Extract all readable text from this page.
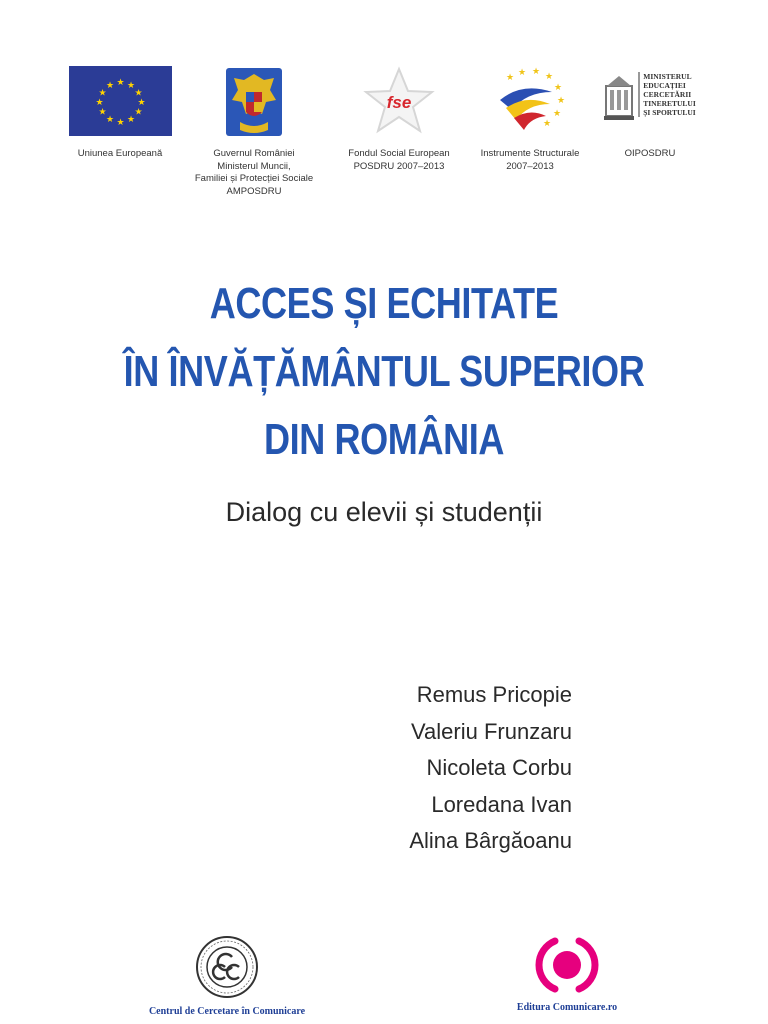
★ ★
★
★
★
★
★
★
★
★
★
★
Uniunea Europeană	Guvernul României
Ministerul Muncii,
Familiei și Protecției Sociale
AMPOSDRU
fse
Fondul Social European
POSDRU 2007–2013
★ ★ ★ ★
★
★
★
★
Instrumente Structurale
2007–2013
MINISTERUL
EDUCAȚIEI
CERCETĂRII
TINERETULUI
ȘI SPORTULUI
OIPOSDRU
ACCES ȘI ECHITATE
ÎN ÎNVĂȚĂMÂNTUL SUPERIOR
DIN ROMÂNIA
Dialog cu elevii și studenții
Remus Pricopie
Valeriu Frunzaru
Nicoleta Corbu
Loredana Ivan
Alina Bârgăoanu
Centrul de Cercetare în Comunicare	Editura Comunicare.ro
